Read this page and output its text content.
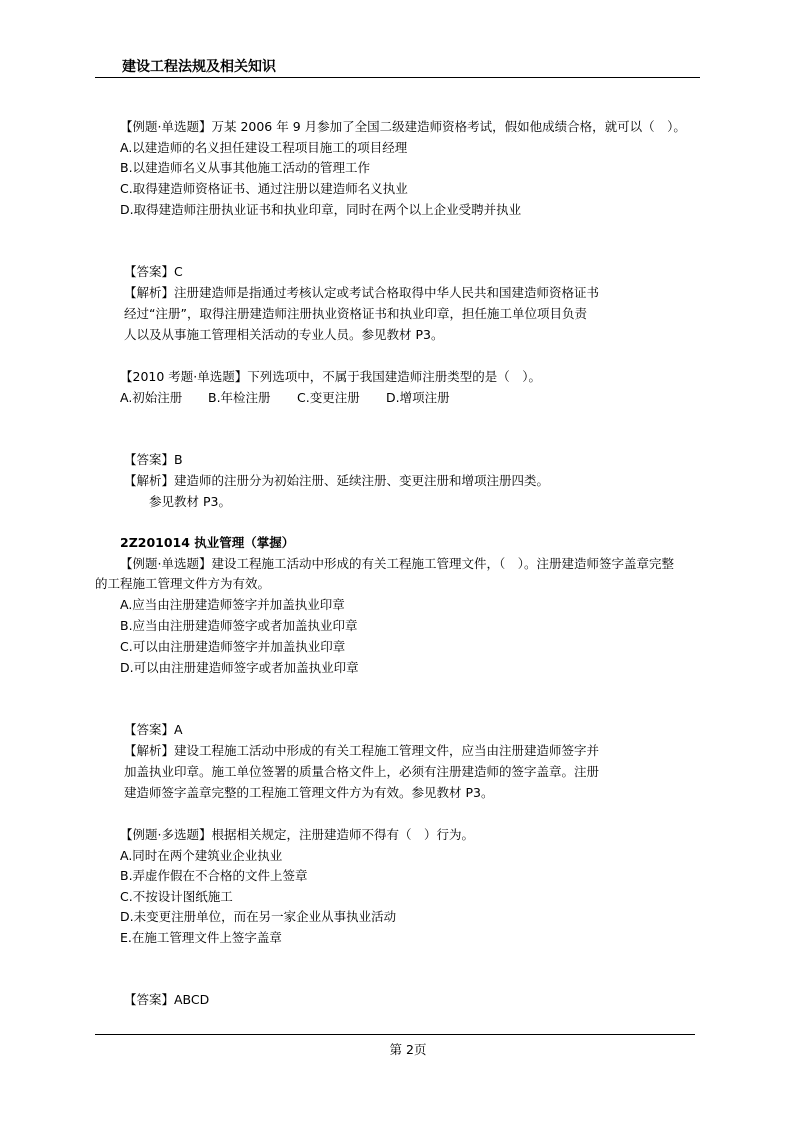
建设工程法规及相关知识
【例题·单选题】万某 2006 年 9 月参加了全国二级建造师资格考试，假如他成绩合格，就可以（　）。
A.以建造师的名义担任建设工程项目施工的项目经理
B.以建造师名义从事其他施工活动的管理工作
C.取得建造师资格证书、通过注册以建造师名义执业
D.取得建造师注册执业证书和执业印章，同时在两个以上企业受聘并执业
【答案】C
【解析】注册建造师是指通过考核认定或考试合格取得中华人民共和国建造师资格证书
经过“注册”，取得注册建造师注册执业资格证书和执业印章，担任施工单位项目负责
人以及从事施工管理相关活动的专业人员。参见教材 P3。
【2010 考题·单选题】下列选项中，不属于我国建造师注册类型的是（　）。
A.初始注册 B.年检注册 C.变更注册 D.增项注册
【答案】B
【解析】建造师的注册分为初始注册、延续注册、变更注册和增项注册四类。
参见教材 P3。
2Z201014 执业管理（掌握）
【例题·单选题】建设工程施工活动中形成的有关工程施工管理文件，（　）。注册建造师签字盖章完整
的工程施工管理文件方为有效。
A.应当由注册建造师签字并加盖执业印章
B.应当由注册建造师签字或者加盖执业印章
C.可以由注册建造师签字并加盖执业印章
D.可以由注册建造师签字或者加盖执业印章
【答案】A
【解析】建设工程施工活动中形成的有关工程施工管理文件，应当由注册建造师签字并
加盖执业印章。施工单位签署的质量合格文件上，必须有注册建造师的签字盖章。注册
建造师签字盖章完整的工程施工管理文件方为有效。参见教材 P3。
【例题·多选题】根据相关规定，注册建造师不得有（　）行为。
A.同时在两个建筑业企业执业
B.弄虚作假在不合格的文件上签章
C.不按设计图纸施工
D.未变更注册单位，而在另一家企业从事执业活动
E.在施工管理文件上签字盖章
【答案】ABCD
第 2页
